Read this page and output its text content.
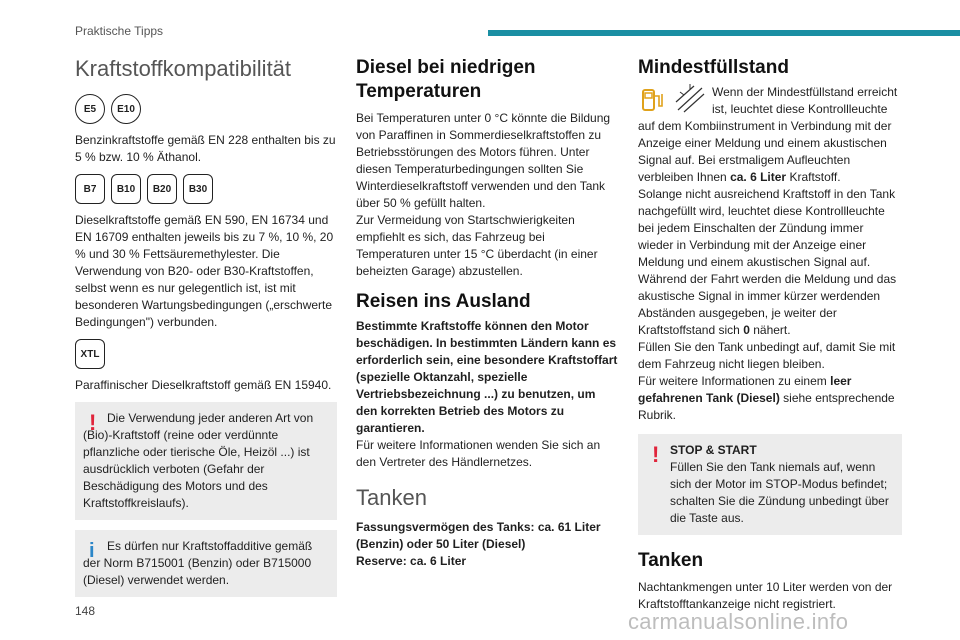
Praktische Tipps
Kraftstoffkompatibilität
E5	E10

Benzinkraftstoffe gemäß EN 228 enthalten bis zu 5 % bzw. 10 % Äthanol.

B7	B10	B20	B30

Dieselkraftstoffe gemäß EN 590, EN 16734 und EN 16709 enthalten jeweils bis zu 7 %, 10 %, 20 % und 30 % Fettsäuremethylester. Die Verwendung von B20- oder B30-Kraftstoffen, selbst wenn es nur gelegentlich ist, ist mit besonderen Wartungsbedingungen („erschwerte Bedingungen") verbunden.

XTL

Paraffinischer Dieselkraftstoff gemäß EN 15940.

! Die Verwendung jeder anderen Art von (Bio)-Kraftstoff (reine oder verdünnte pflanzliche oder tierische Öle, Heizöl ...) ist ausdrücklich verboten (Gefahr der Beschädigung des Motors und des Kraftstoffkreislaufs).

i	Es dürfen nur Kraftstoffadditive gemäß der Norm B715001 (Benzin) oder B715000 (Diesel) verwendet werden.

Diesel bei niedrigen Temperaturen

Bei Temperaturen unter 0 °C könnte die Bildung von Paraffinen in Sommerdieselkraftstoffen zu Betriebsstörungen des Motors führen. Unter diesen Temperaturbedingungen sollten Sie Winterdieselkraftstoff verwenden und den Tank über 50 % gefüllt halten.

Zur Vermeidung von Startschwierigkeiten empfiehlt es sich, das Fahrzeug bei Temperaturen unter 15 °C überdacht (in einer beheizten Garage) abzustellen.

Reisen ins Ausland

Bestimmte Kraftstoffe können den Motor beschädigen. In bestimmten Ländern kann es erforderlich sein, eine besondere Kraftstoffart (spezielle Oktanzahl, spezielle Vertriebsbezeichnung ...) zu benutzen, um den korrekten Betrieb des Motors zu garantieren.

Für weitere Informationen wenden Sie sich an den Vertreter des Händlernetzes.

Tanken

Fassungsvermögen des Tanks: ca. 61 Liter (Benzin) oder 50 Liter (Diesel)

Reserve: ca. 6 Liter

Mindestfüllstand

Wenn der Mindestfüllstand erreicht ist, leuchtet diese Kontrollleuchte auf dem Kombiinstrument in Verbindung mit der Anzeige einer Meldung und einem akustischen Signal auf. Bei erstmaligem Aufleuchten verbleiben Ihnen ca. 6 Liter Kraftstoff.

Solange nicht ausreichend Kraftstoff in den Tank nachgefüllt wird, leuchtet diese Kontrollleuchte bei jedem Einschalten der Zündung immer wieder in Verbindung mit der Anzeige einer Meldung und einem akustischen Signal auf. Während der Fahrt werden die Meldung und das akustische Signal in immer kürzer werdenden Abständen ausgegeben, je weiter der Kraftstoffstand sich 0 nähert.

Füllen Sie den Tank unbedingt auf, damit Sie mit dem Fahrzeug nicht liegen bleiben.

Für weitere Informationen zu einem leer gefahrenen Tank (Diesel) siehe entsprechende Rubrik.

! STOP & START

Füllen Sie den Tank niemals auf, wenn sich der Motor im STOP-Modus befindet; schalten Sie die Zündung unbedingt über die Taste aus.

Tanken

Nachtankmengen unter 10 Liter werden von der Kraftstofftankanzeige nicht registriert.

148	carmanualsonline.info
